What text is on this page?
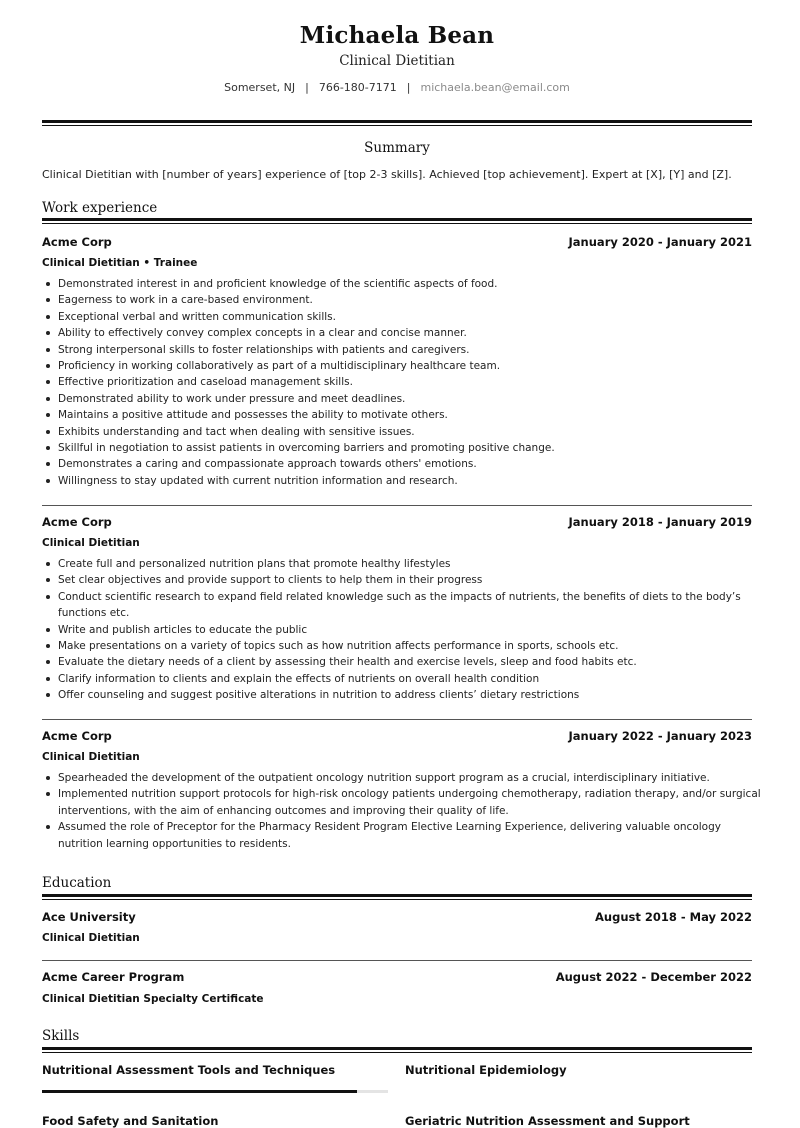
Michaela Bean
Clinical Dietitian
Somerset, NJ | 766-180-7171 | michaela.bean@email.com
Summary
Clinical Dietitian with [number of years] experience of [top 2-3 skills]. Achieved [top achievement]. Expert at [X], [Y] and [Z].
Work experience
Acme Corp	January 2020 - January 2021
Clinical Dietitian • Trainee
Demonstrated interest in and proficient knowledge of the scientific aspects of food.
Eagerness to work in a care-based environment.
Exceptional verbal and written communication skills.
Ability to effectively convey complex concepts in a clear and concise manner.
Strong interpersonal skills to foster relationships with patients and caregivers.
Proficiency in working collaboratively as part of a multidisciplinary healthcare team.
Effective prioritization and caseload management skills.
Demonstrated ability to work under pressure and meet deadlines.
Maintains a positive attitude and possesses the ability to motivate others.
Exhibits understanding and tact when dealing with sensitive issues.
Skillful in negotiation to assist patients in overcoming barriers and promoting positive change.
Demonstrates a caring and compassionate approach towards others' emotions.
Willingness to stay updated with current nutrition information and research.
Acme Corp	January 2018 - January 2019
Clinical Dietitian
Create full and personalized nutrition plans that promote healthy lifestyles
Set clear objectives and provide support to clients to help them in their progress
Conduct scientific research to expand field related knowledge such as the impacts of nutrients, the benefits of diets to the body’s functions etc.
Write and publish articles to educate the public
Make presentations on a variety of topics such as how nutrition affects performance in sports, schools etc.
Evaluate the dietary needs of a client by assessing their health and exercise levels, sleep and food habits etc.
Clarify information to clients and explain the effects of nutrients on overall health condition
Offer counseling and suggest positive alterations in nutrition to address clients’ dietary restrictions
Acme Corp	January 2022 - January 2023
Clinical Dietitian
Spearheaded the development of the outpatient oncology nutrition support program as a crucial, interdisciplinary initiative.
Implemented nutrition support protocols for high-risk oncology patients undergoing chemotherapy, radiation therapy, and/or surgical interventions, with the aim of enhancing outcomes and improving their quality of life.
Assumed the role of Preceptor for the Pharmacy Resident Program Elective Learning Experience, delivering valuable oncology nutrition learning opportunities to residents.
Education
Ace University	August 2018 - May 2022
Clinical Dietitian
Acme Career Program	August 2022 - December 2022
Clinical Dietitian Specialty Certificate
Skills
Nutritional Assessment Tools and Techniques	Nutritional Epidemiology
Food Safety and Sanitation	Geriatric Nutrition Assessment and Support
